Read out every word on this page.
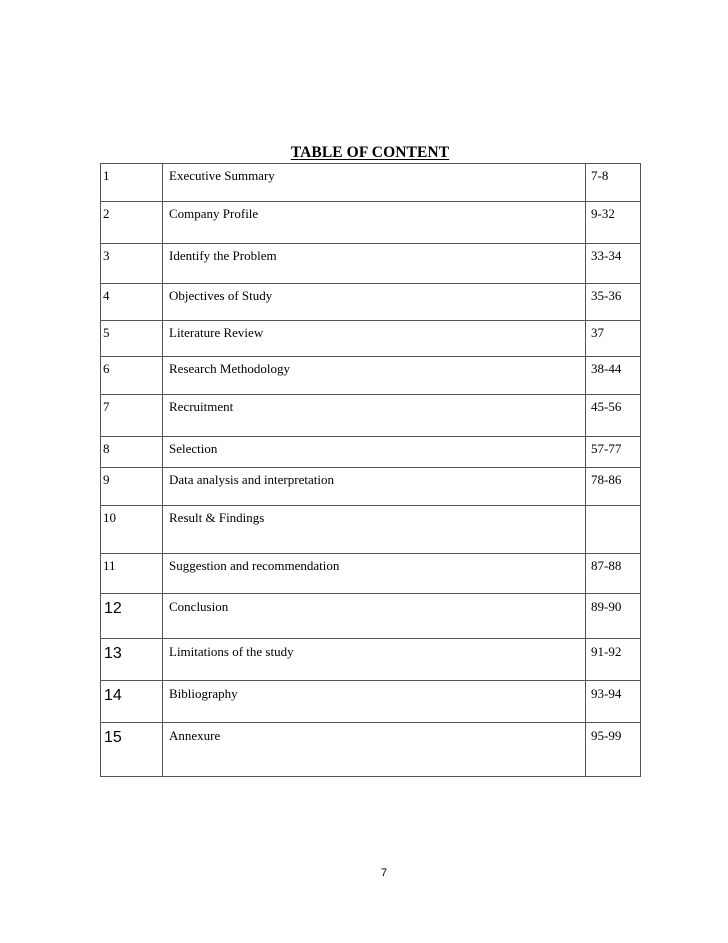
TABLE OF CONTENT
1	Executive Summary	7-8
2	Company Profile	9-32
3	Identify the Problem	33-34
4	Objectives of Study	35-36
5	Literature Review	37
6	Research Methodology	38-44
7	Recruitment	45-56
8	Selection	57-77
9	Data analysis and interpretation	78-86
10	Result & Findings	
11	Suggestion and recommendation	87-88
12	Conclusion	89-90
13	Limitations of the study	91-92
14	Bibliography	93-94
15	Annexure	95-99
7
